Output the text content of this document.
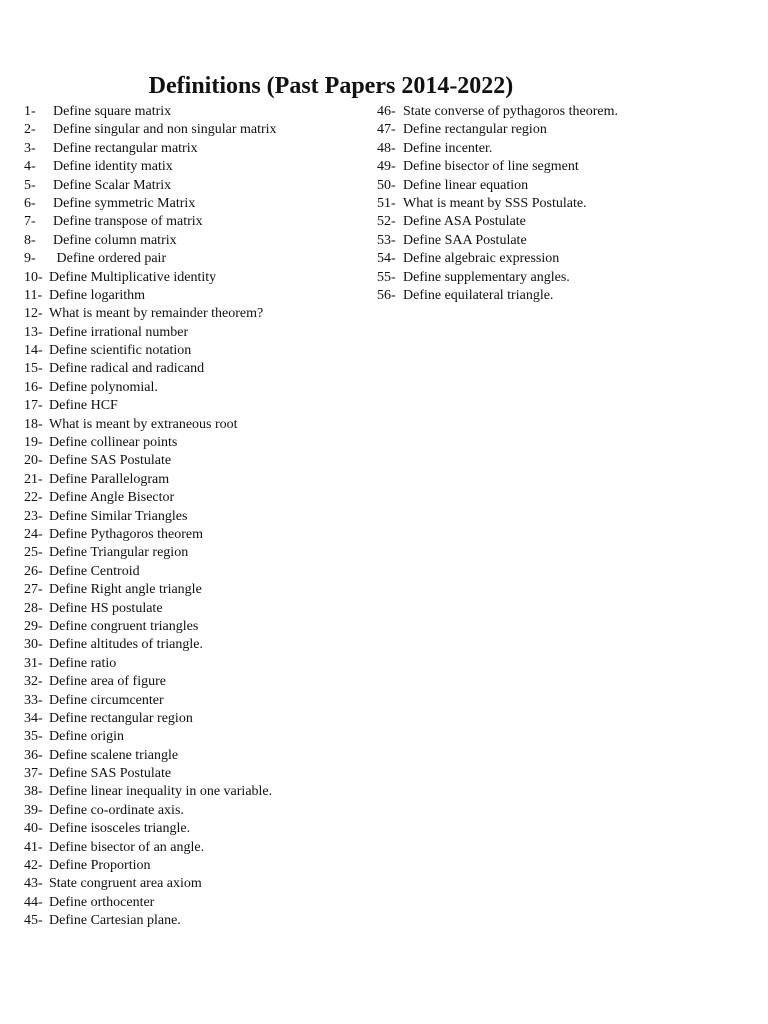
Definitions (Past Papers 2014-2022)
1-	Define square matrix
2-	Define singular and non singular matrix
3-	Define rectangular matrix
4-	Define identity matix
5-	Define Scalar Matrix
6-	Define symmetric Matrix
7-	Define transpose of matrix
8-	Define column matrix
9-	Define ordered pair
10- Define Multiplicative identity
11- Define logarithm
12- What is meant by remainder theorem?
13- Define irrational number
14- Define scientific notation
15- Define radical and radicand
16- Define polynomial.
17- Define HCF
18- What is meant by extraneous root
19- Define collinear points
20- Define SAS Postulate
21- Define Parallelogram
22- Define Angle Bisector
23- Define Similar Triangles
24- Define Pythagoros theorem
25- Define Triangular region
26- Define Centroid
27- Define Right angle triangle
28- Define HS postulate
29- Define congruent triangles
30- Define altitudes of triangle.
31- Define ratio
32- Define area of figure
33- Define circumcenter
34- Define rectangular region
35- Define origin
36- Define scalene triangle
37- Define SAS Postulate
38- Define linear inequality in one variable.
39- Define co-ordinate axis.
40- Define isosceles triangle.
41- Define bisector of an angle.
42- Define Proportion
43- State congruent area axiom
44- Define orthocenter
45- Define Cartesian plane.
46- State converse of pythagoros theorem.
47- Define rectangular region
48- Define incenter.
49- Define bisector of line segment
50- Define linear equation
51- What is meant by SSS Postulate.
52- Define ASA Postulate
53- Define SAA Postulate
54- Define algebraic expression
55- Define supplementary angles.
56- Define equilateral triangle.
